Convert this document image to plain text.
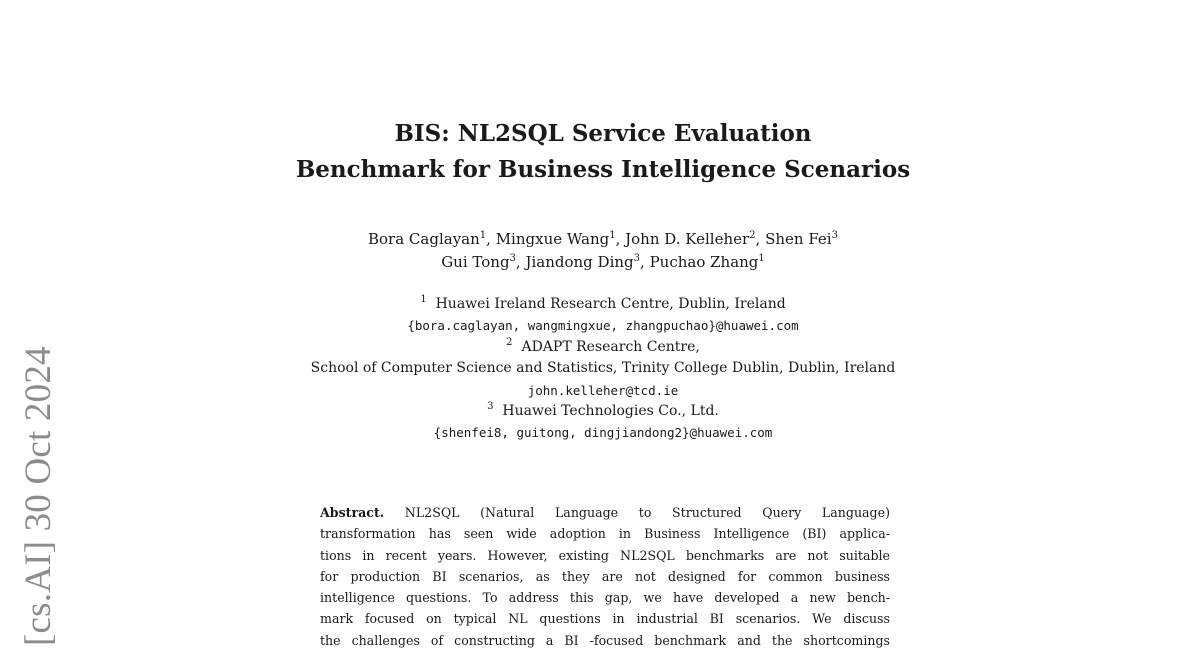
[cs.AI] 30 Oct 2024
BIS: NL2SQL Service Evaluation
Benchmark for Business Intelligence Scenarios
Bora Caglayan$^1$, Mingxue Wang$^1$, John D. Kelleher$^2$, Shen Fei$^3$
Gui Tong$^3$, Jiandong Ding$^3$, Puchao Zhang$^1$
$^1$ Huawei Ireland Research Centre, Dublin, Ireland
{bora.caglayan, wangmingxue, zhangpuchao}@huawei.com
$^2$ ADAPT Research Centre,
School of Computer Science and Statistics, Trinity College Dublin, Dublin, Ireland
john.kelleher@tcd.ie
$^3$ Huawei Technologies Co., Ltd.
{shenfei8, guitong, dingjiandong2}@huawei.com
Abstract. NL2SQL (Natural Language to Structured Query Language)
transformation has seen wide adoption in Business Intelligence (BI) applica-
tions in recent years. However, existing NL2SQL benchmarks are not suitable
for production BI scenarios, as they are not designed for common business
intelligence questions. To address this gap, we have developed a new bench-
mark focused on typical NL questions in industrial BI scenarios. We discuss
the challenges of constructing a BI -focused benchmark and the shortcomings
